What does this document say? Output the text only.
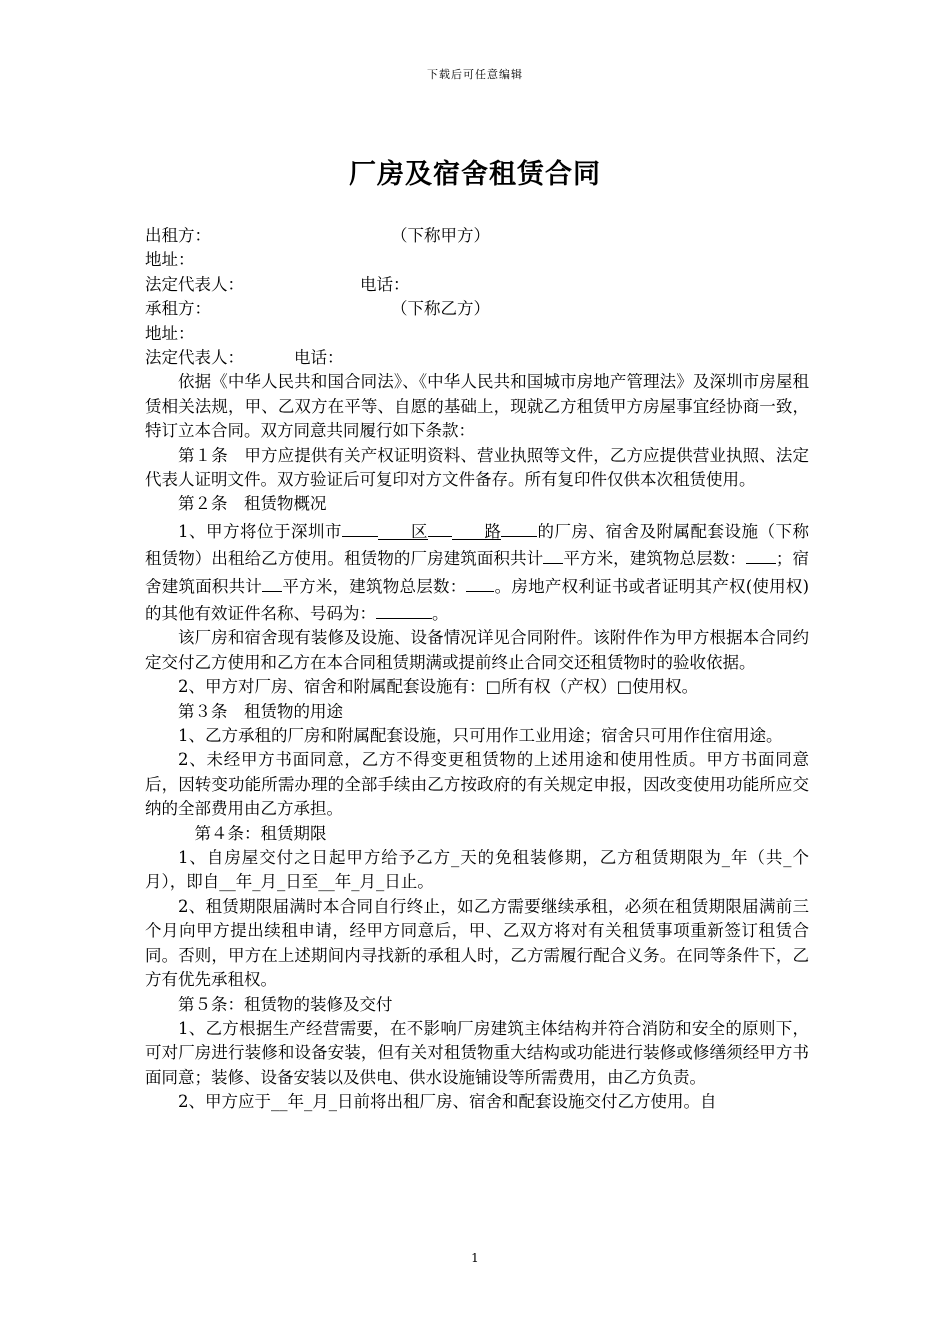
下载后可任意编辑
厂房及宿舍租赁合同
出租方：	（下称甲方）
地址：
法定代表人：	电话：
承租方：	（下称乙方）
地址：
法定代表人：	电话：

依据《中华人民共和国合同法》、《中华人民共和国城市房地产管理法》及深圳市房屋租赁相关法规，甲、乙双方在平等、自愿的基础上，现就乙方租赁甲方房屋事宜经协商一致，特订立本合同。双方同意共同履行如下条款：

第１条　甲方应提供有关产权证明资料、营业执照等文件，乙方应提供营业执照、法定代表人证明文件。双方验证后可复印对方文件备存。所有复印件仅供本次租赁使用。

第２条　租赁物概况

1、甲方将位于深圳市	区	路 的厂房、宿舍及附属配套设施（下称租赁物）出租给乙方使用。租赁物的厂房建筑面积共计 平方米，建筑物总层数： ；宿舍建筑面积共计 平方米，建筑物总层数： 。房地产权利证书或者证明其产权(使用权)的其他有效证件名称、号码为：	。

该厂房和宿舍现有装修及设施、设备情况详见合同附件。该附件作为甲方根据本合同约定交付乙方使用和乙方在本合同租赁期满或提前终止合同交还租赁物时的验收依据。

2、甲方对厂房、宿舍和附属配套设施有：□所有权（产权）□使用权。

第３条　租赁物的用途

1、乙方承租的厂房和附属配套设施，只可用作工业用途；宿舍只可用作住宿用途。

2、未经甲方书面同意，乙方不得变更租赁物的上述用途和使用性质。甲方书面同意后，因转变功能所需办理的全部手续由乙方按政府的有关规定申报，因改变使用功能所应交纳的全部费用由乙方承担。

第４条：租赁期限

1、自房屋交付之日起甲方给予乙方_天的免租装修期，乙方租赁期限为_年（共_个月），即自__年_月_日至__年_月_日止。

2、租赁期限届满时本合同自行终止，如乙方需要继续承租，必须在租赁期限届满前三个月向甲方提出续租申请，经甲方同意后，甲、乙双方将对有关租赁事项重新签订租赁合同。否则，甲方在上述期间内寻找新的承租人时，乙方需履行配合义务。在同等条件下，乙方有优先承租权。

第５条：租赁物的装修及交付

1、乙方根据生产经营需要，在不影响厂房建筑主体结构并符合消防和安全的原则下，可对厂房进行装修和设备安装，但有关对租赁物重大结构或功能进行装修或修缮须经甲方书面同意；装修、设备安装以及供电、供水设施铺设等所需费用，由乙方负责。

2、甲方应于__年_月_日前将出租厂房、宿舍和配套设施交付乙方使用。自

1
